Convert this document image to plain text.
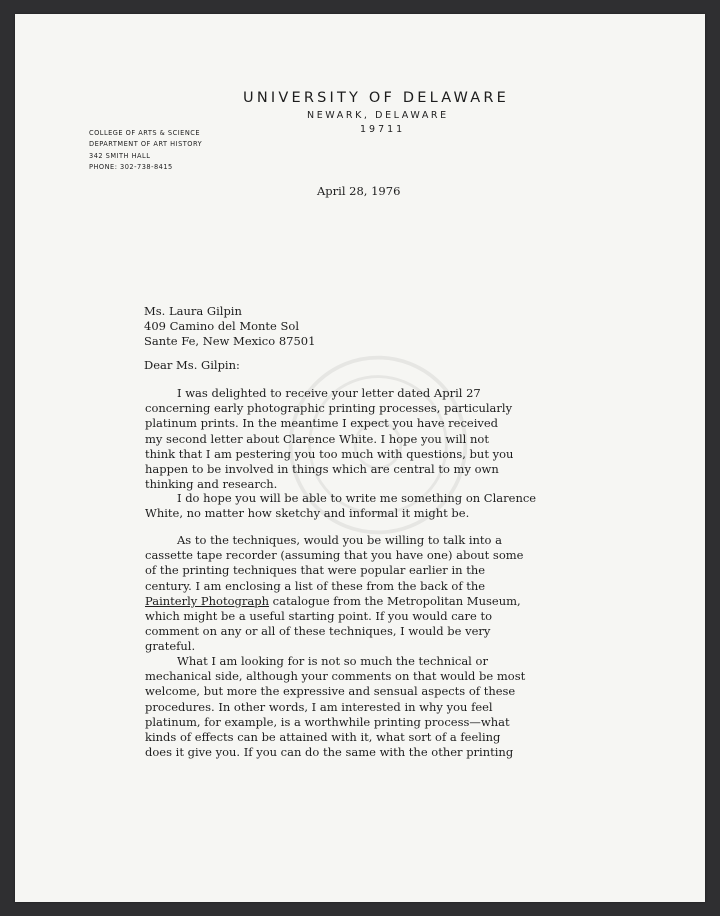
UNIVERSITY OF DELAWARE
NEWARK, DELAWARE
19711
COLLEGE OF ARTS & SCIENCE
DEPARTMENT OF ART HISTORY
342 SMITH HALL
PHONE: 302-738-8415
April 28, 1976
Ms. Laura Gilpin
409 Camino del Monte Sol
Sante Fe, New Mexico 87501
Dear Ms. Gilpin:
I was delighted to receive your letter dated April 27
concerning early photographic printing processes, particularly
platinum prints. In the meantime I expect you have received
my second letter about Clarence White. I hope you will not
think that I am pestering you too much with questions, but you
happen to be involved in things which are central to my own
thinking and research.
I do hope you will be able to write me something on Clarence
White, no matter how sketchy and informal it might be.
As to the techniques, would you be willing to talk into a
cassette tape recorder (assuming that you have one) about some
of the printing techniques that were popular earlier in the
century. I am enclosing a list of these from the back of the
Painterly Photograph catalogue from the Metropolitan Museum,
which might be a useful starting point. If you would care to
comment on any or all of these techniques, I would be very
grateful.
What I am looking for is not so much the technical or
mechanical side, although your comments on that would be most
welcome, but more the expressive and sensual aspects of these
procedures. In other words, I am interested in why you feel
platinum, for example, is a worthwhile printing process—what
kinds of effects can be attained with it, what sort of a feeling
does it give you. If you can do the same with the other printing
